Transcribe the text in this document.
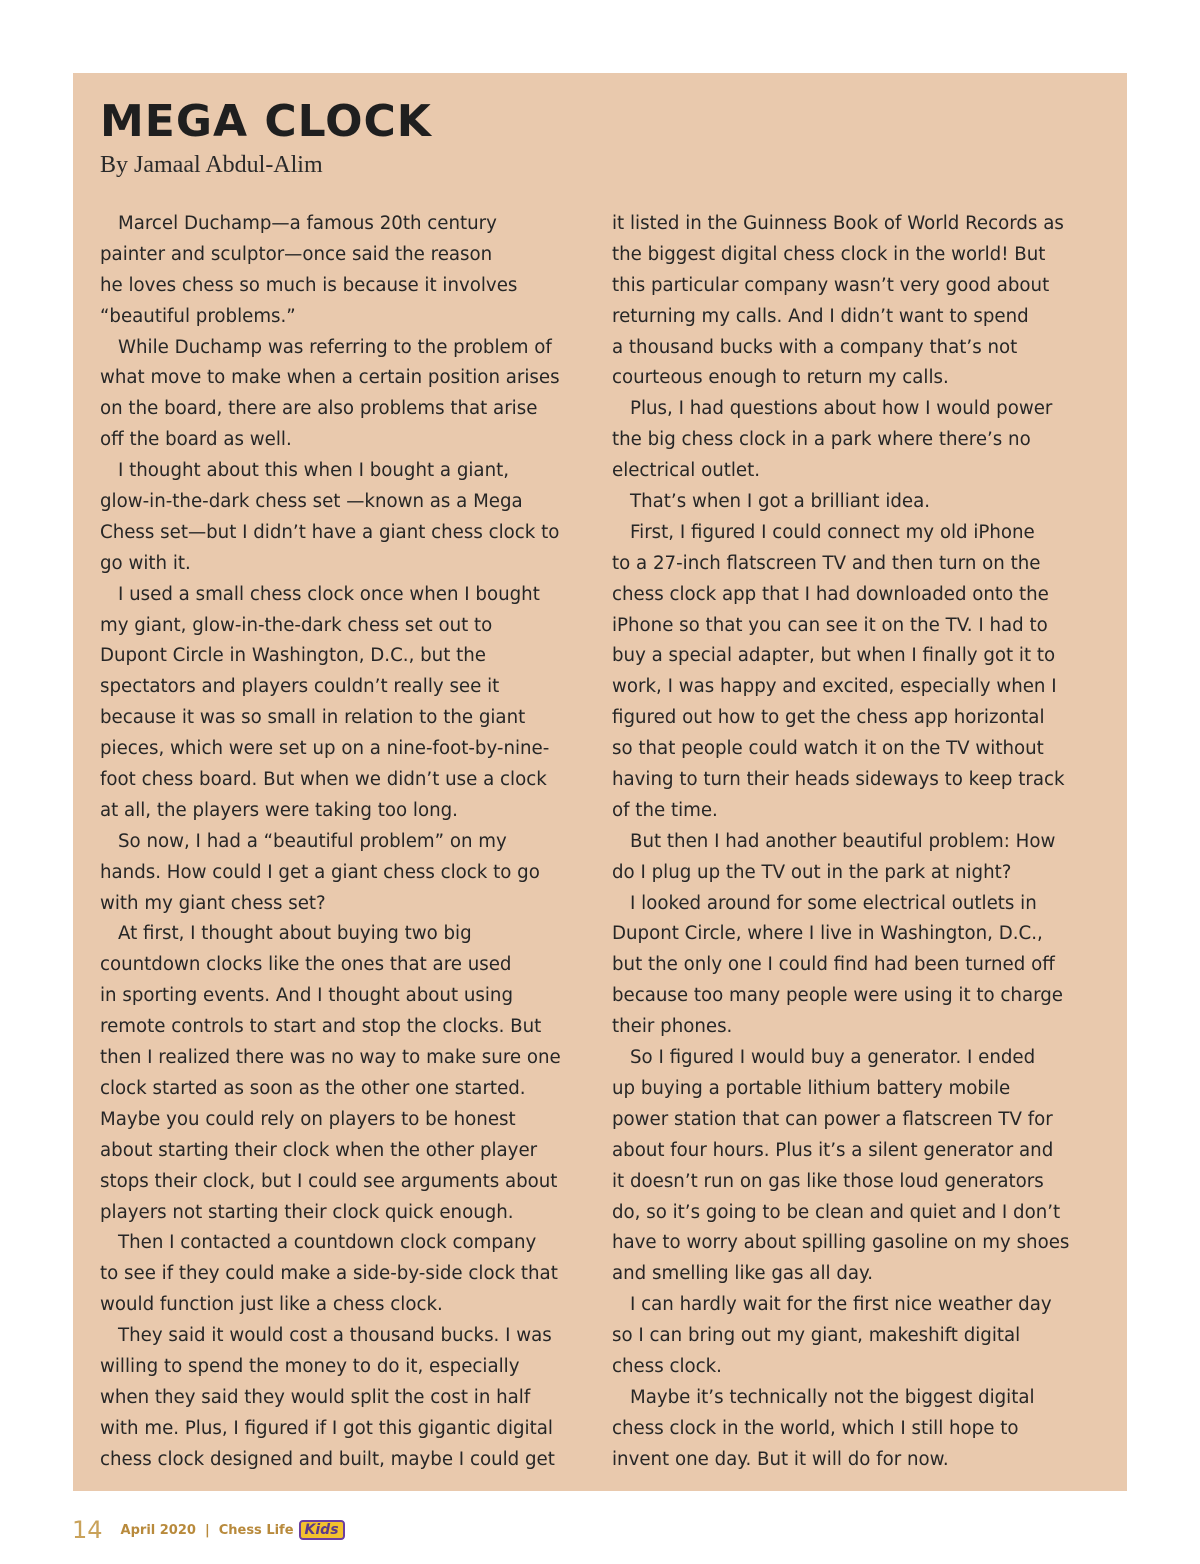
MEGA CLOCK
By Jamaal Abdul-Alim
Marcel Duchamp—a famous 20th century
painter and sculptor—once said the reason
he loves chess so much is because it involves
“beautiful problems.”
While Duchamp was referring to the problem of
what move to make when a certain position arises
on the board, there are also problems that arise
off the board as well.
I thought about this when I bought a giant,
glow-in-the-dark chess set —known as a Mega
Chess set—but I didn’t have a giant chess clock to
go with it.
I used a small chess clock once when I bought
my giant, glow-in-the-dark chess set out to
Dupont Circle in Washington, D.C., but the
spectators and players couldn’t really see it
because it was so small in relation to the giant
pieces, which were set up on a nine-foot-by-nine-
foot chess board. But when we didn’t use a clock
at all, the players were taking too long.
So now, I had a “beautiful problem” on my
hands. How could I get a giant chess clock to go
with my giant chess set?
At first, I thought about buying two big
countdown clocks like the ones that are used
in sporting events. And I thought about using
remote controls to start and stop the clocks. But
then I realized there was no way to make sure one
clock started as soon as the other one started.
Maybe you could rely on players to be honest
about starting their clock when the other player
stops their clock, but I could see arguments about
players not starting their clock quick enough.
Then I contacted a countdown clock company
to see if they could make a side-by-side clock that
would function just like a chess clock.
They said it would cost a thousand bucks. I was
willing to spend the money to do it, especially
when they said they would split the cost in half
with me. Plus, I figured if I got this gigantic digital
chess clock designed and built, maybe I could get
it listed in the Guinness Book of World Records as
the biggest digital chess clock in the world! But
this particular company wasn’t very good about
returning my calls. And I didn’t want to spend
a thousand bucks with a company that’s not
courteous enough to return my calls.
Plus, I had questions about how I would power
the big chess clock in a park where there’s no
electrical outlet.
That’s when I got a brilliant idea.
First, I figured I could connect my old iPhone
to a 27-inch flatscreen TV and then turn on the
chess clock app that I had downloaded onto the
iPhone so that you can see it on the TV. I had to
buy a special adapter, but when I finally got it to
work, I was happy and excited, especially when I
figured out how to get the chess app horizontal
so that people could watch it on the TV without
having to turn their heads sideways to keep track
of the time.
But then I had another beautiful problem: How
do I plug up the TV out in the park at night?
I looked around for some electrical outlets in
Dupont Circle, where I live in Washington, D.C.,
but the only one I could find had been turned off
because too many people were using it to charge
their phones.
So I figured I would buy a generator. I ended
up buying a portable lithium battery mobile
power station that can power a flatscreen TV for
about four hours. Plus it’s a silent generator and
it doesn’t run on gas like those loud generators
do, so it’s going to be clean and quiet and I don’t
have to worry about spilling gasoline on my shoes
and smelling like gas all day.
I can hardly wait for the first nice weather day
so I can bring out my giant, makeshift digital
chess clock.
Maybe it’s technically not the biggest digital
chess clock in the world, which I still hope to
invent one day. But it will do for now.
14 April 2020 | Chess Life Kids
